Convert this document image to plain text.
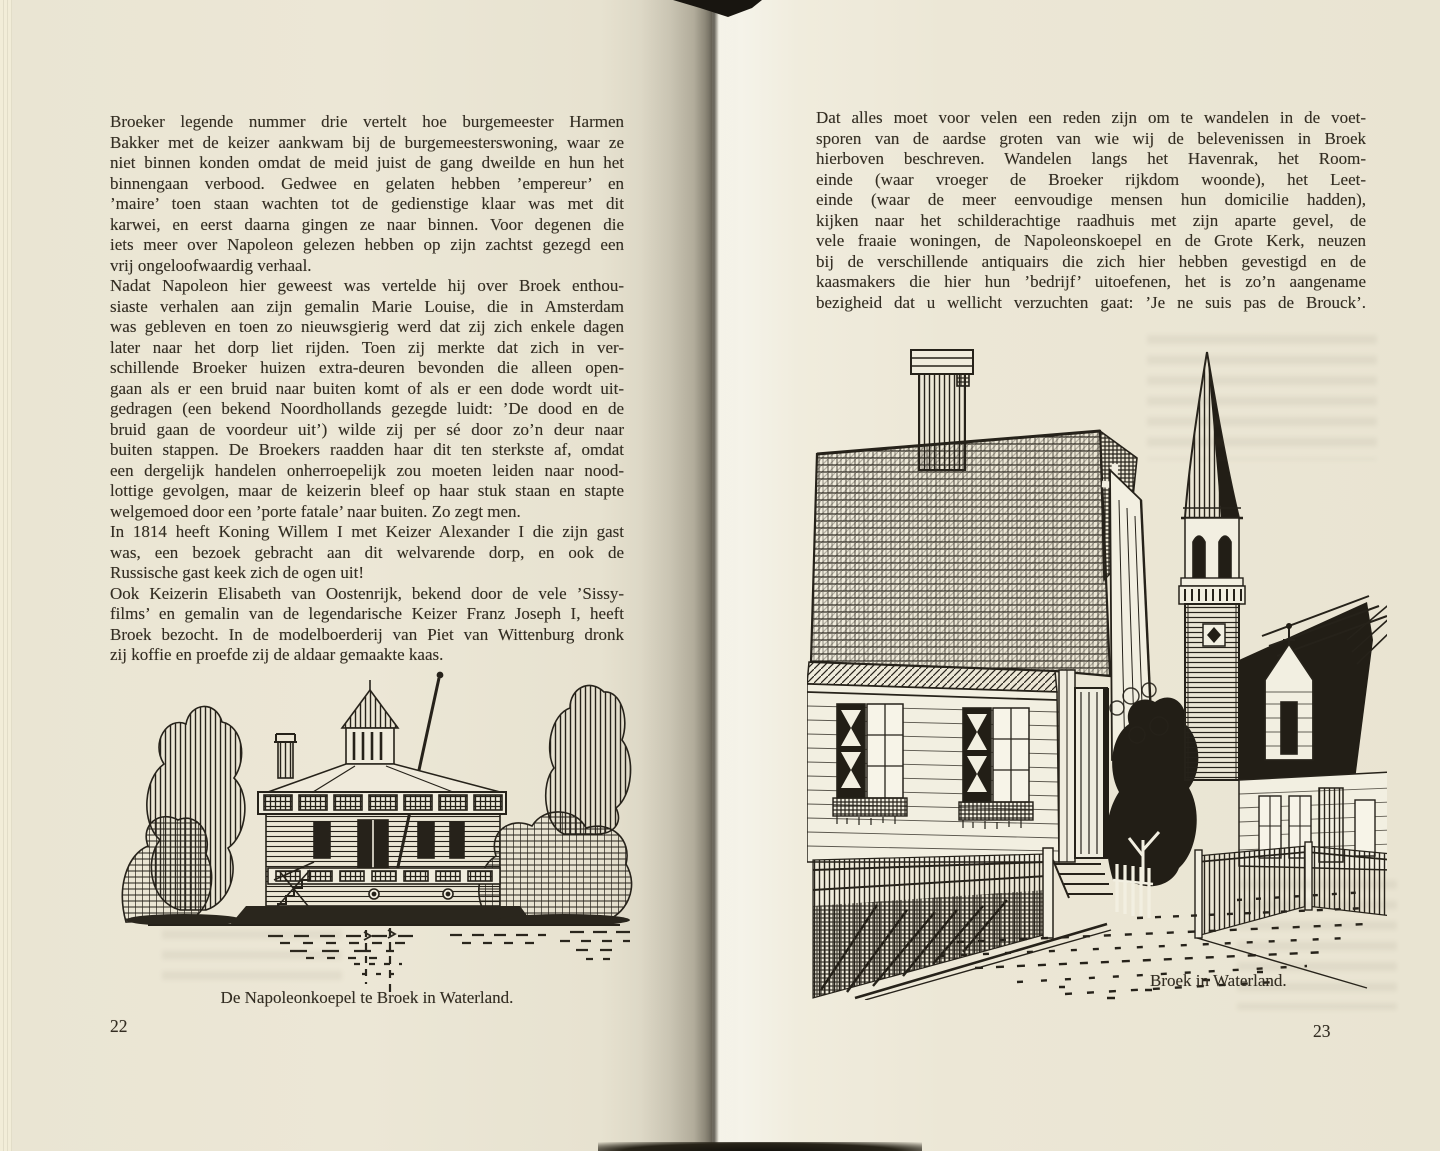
Broeker legende nummer drie vertelt hoe burgemeester Harmen
Bakker met de keizer aankwam bij de burgemeesterswoning, waar ze
niet binnen konden omdat de meid juist de gang dweilde en hun het
binnengaan verbood. Gedwee en gelaten hebben ’empereur’ en
’maire’ toen staan wachten tot de gedienstige klaar was met dit
karwei, en eerst daarna gingen ze naar binnen. Voor degenen die
iets meer over Napoleon gelezen hebben op zijn zachtst gezegd een
vrij ongeloofwaardig verhaal.
Nadat Napoleon hier geweest was vertelde hij over Broek enthou-
siaste verhalen aan zijn gemalin Marie Louise, die in Amsterdam
was gebleven en toen zo nieuwsgierig werd dat zij zich enkele dagen
later naar het dorp liet rijden. Toen zij merkte dat zich in ver-
schillende Broeker huizen extra-deuren bevonden die alleen open-
gaan als er een bruid naar buiten komt of als er een dode wordt uit-
gedragen (een bekend Noordhollands gezegde luidt: ’De dood en de
bruid gaan de voordeur uit’) wilde zij per sé door zo’n deur naar
buiten stappen. De Broekers raadden haar dit ten sterkste af, omdat
een dergelijk handelen onherroepelijk zou moeten leiden naar nood-
lottige gevolgen, maar de keizerin bleef op haar stuk staan en stapte
welgemoed door een ’porte fatale’ naar buiten. Zo zegt men.
In 1814 heeft Koning Willem I met Keizer Alexander I die zijn gast
was, een bezoek gebracht aan dit welvarende dorp, en ook de
Russische gast keek zich de ogen uit!
Ook Keizerin Elisabeth van Oostenrijk, bekend door de vele ’Sissy-
films’ en gemalin van de legendarische Keizer Franz Joseph I, heeft
Broek bezocht. In de modelboerderij van Piet van Wittenburg dronk
zij koffie en proefde zij de aldaar gemaakte kaas.
De Napoleonkoepel te Broek in Waterland.
22
Dat alles moet voor velen een reden zijn om te wandelen in de voet-
sporen van de aardse groten van wie wij de belevenissen in Broek
hierboven beschreven. Wandelen langs het Havenrak, het Room-
einde (waar vroeger de Broeker rijkdom woonde), het Leet-
einde (waar de meer eenvoudige mensen hun domicilie hadden),
kijken naar het schilderachtige raadhuis met zijn aparte gevel, de
vele fraaie woningen, de Napoleonskoepel en de Grote Kerk, neuzen
bij de verschillende antiquairs die zich hier hebben gevestigd en de
kaasmakers die hier hun ’bedrijf’ uitoefenen, het is zo’n aangename
bezigheid dat u wellicht verzuchten gaat: ’Je ne suis pas de Brouck’.
Broek in Waterland.
23
